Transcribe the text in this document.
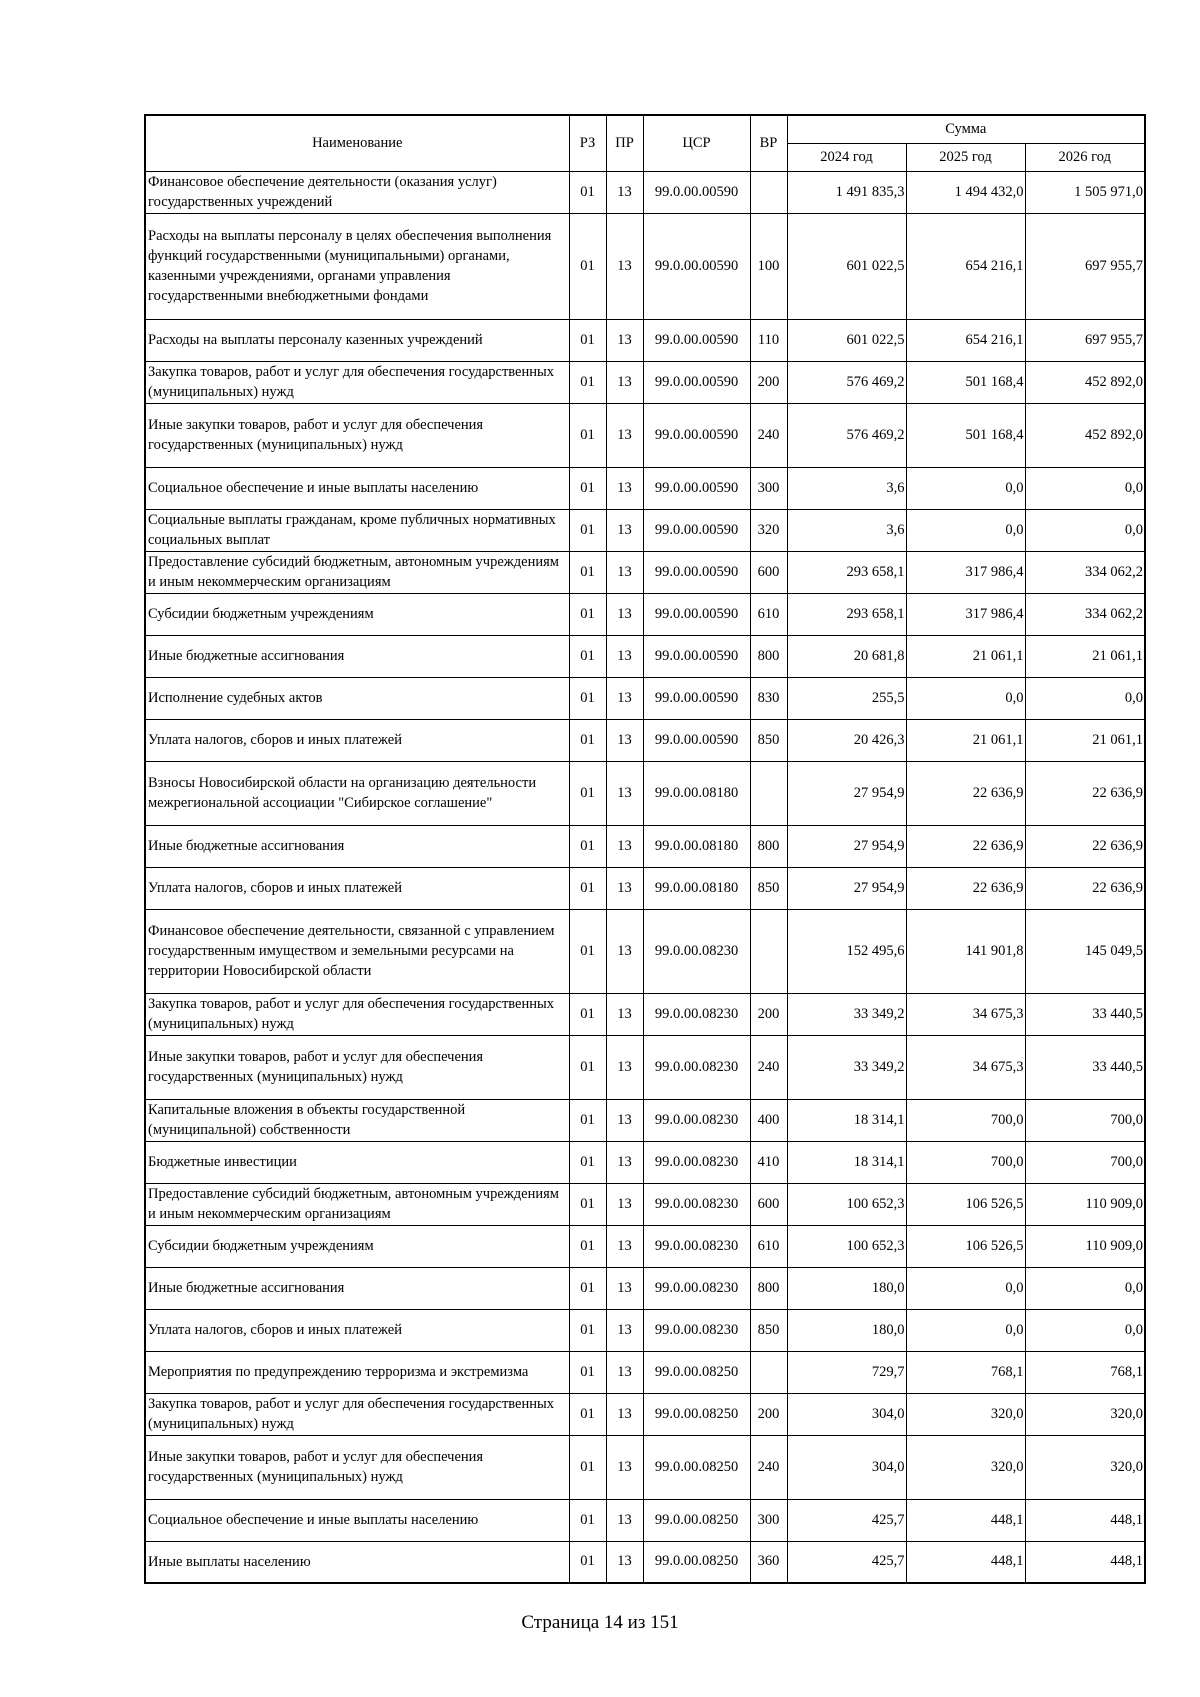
Наименование	РЗ	ПР	ЦСР	ВР	Сумма		
					2024 год	2025 год	2026 год
Финансовое обеспечение деятельности (оказания услуг) государственных учреждений	01	13	99.0.00.00590		1 491 835,3	1 494 432,0	1 505 971,0
Расходы на выплаты персоналу в целях обеспечения выполнения функций государственными (муниципальными) органами, казенными учреждениями, органами управления государственными внебюджетными фондами	01	13	99.0.00.00590	100	601 022,5	654 216,1	697 955,7
Расходы на выплаты персоналу казенных учреждений	01	13	99.0.00.00590	110	601 022,5	654 216,1	697 955,7
Закупка товаров, работ и услуг для обеспечения государственных (муниципальных) нужд	01	13	99.0.00.00590	200	576 469,2	501 168,4	452 892,0
Иные закупки товаров, работ и услуг для обеспечения государственных (муниципальных) нужд	01	13	99.0.00.00590	240	576 469,2	501 168,4	452 892,0
Социальное обеспечение и иные выплаты населению	01	13	99.0.00.00590	300	3,6	0,0	0,0
Социальные выплаты гражданам, кроме публичных нормативных социальных выплат	01	13	99.0.00.00590	320	3,6	0,0	0,0
Предоставление субсидий бюджетным, автономным учреждениям и иным некоммерческим организациям	01	13	99.0.00.00590	600	293 658,1	317 986,4	334 062,2
Субсидии бюджетным учреждениям	01	13	99.0.00.00590	610	293 658,1	317 986,4	334 062,2
Иные бюджетные ассигнования	01	13	99.0.00.00590	800	20 681,8	21 061,1	21 061,1
Исполнение судебных актов	01	13	99.0.00.00590	830	255,5	0,0	0,0
Уплата налогов, сборов и иных платежей	01	13	99.0.00.00590	850	20 426,3	21 061,1	21 061,1
Взносы Новосибирской области на организацию деятельности межрегиональной ассоциации "Сибирское соглашение"	01	13	99.0.00.08180		27 954,9	22 636,9	22 636,9
Иные бюджетные ассигнования	01	13	99.0.00.08180	800	27 954,9	22 636,9	22 636,9
Уплата налогов, сборов и иных платежей	01	13	99.0.00.08180	850	27 954,9	22 636,9	22 636,9
Финансовое обеспечение деятельности, связанной с управлением государственным имуществом и земельными ресурсами на территории Новосибирской области	01	13	99.0.00.08230		152 495,6	141 901,8	145 049,5
Закупка товаров, работ и услуг для обеспечения государственных (муниципальных) нужд	01	13	99.0.00.08230	200	33 349,2	34 675,3	33 440,5
Иные закупки товаров, работ и услуг для обеспечения государственных (муниципальных) нужд	01	13	99.0.00.08230	240	33 349,2	34 675,3	33 440,5
Капитальные вложения в объекты государственной (муниципальной) собственности	01	13	99.0.00.08230	400	18 314,1	700,0	700,0
Бюджетные инвестиции	01	13	99.0.00.08230	410	18 314,1	700,0	700,0
Предоставление субсидий бюджетным, автономным учреждениям и иным некоммерческим организациям	01	13	99.0.00.08230	600	100 652,3	106 526,5	110 909,0
Субсидии бюджетным учреждениям	01	13	99.0.00.08230	610	100 652,3	106 526,5	110 909,0
Иные бюджетные ассигнования	01	13	99.0.00.08230	800	180,0	0,0	0,0
Уплата налогов, сборов и иных платежей	01	13	99.0.00.08230	850	180,0	0,0	0,0
Мероприятия по предупреждению терроризма и экстремизма	01	13	99.0.00.08250		729,7	768,1	768,1
Закупка товаров, работ и услуг для обеспечения государственных (муниципальных) нужд	01	13	99.0.00.08250	200	304,0	320,0	320,0
Иные закупки товаров, работ и услуг для обеспечения государственных (муниципальных) нужд	01	13	99.0.00.08250	240	304,0	320,0	320,0
Социальное обеспечение и иные выплаты населению	01	13	99.0.00.08250	300	425,7	448,1	448,1
Иные выплаты населению	01	13	99.0.00.08250	360	425,7	448,1	448,1
Страница 14 из 151
